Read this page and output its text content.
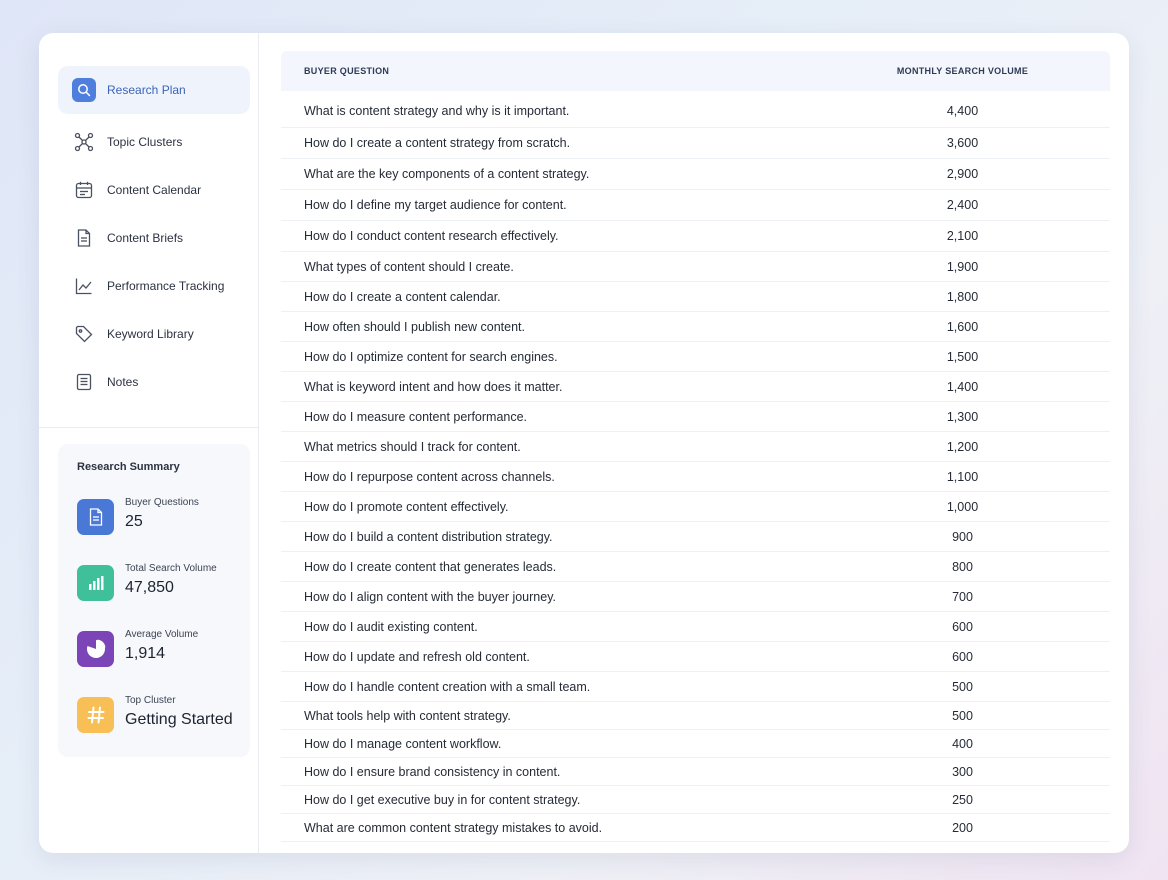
Research Plan
Topic Clusters
Content Calendar
Content Briefs
Performance Tracking
Keyword Library
Notes
Research Summary
Buyer Questions
25
Total Search Volume
47,850
Average Volume
1,914
Top Cluster
Getting Started
BUYER QUESTION	MONTHLY SEARCH VOLUME
What is content strategy and why is it important.	4,400
How do I create a content strategy from scratch.	3,600
What are the key components of a content strategy.	2,900
How do I define my target audience for content.	2,400
How do I conduct content research effectively.	2,100
What types of content should I create.	1,900
How do I create a content calendar.	1,800
How often should I publish new content.	1,600
How do I optimize content for search engines.	1,500
What is keyword intent and how does it matter.	1,400
How do I measure content performance.	1,300
What metrics should I track for content.	1,200
How do I repurpose content across channels.	1,100
How do I promote content effectively.	1,000
How do I build a content distribution strategy.	900
How do I create content that generates leads.	800
How do I align content with the buyer journey.	700
How do I audit existing content.	600
How do I update and refresh old content.	600
How do I handle content creation with a small team.	500
What tools help with content strategy.	500
How do I manage content workflow.	400
How do I ensure brand consistency in content.	300
How do I get executive buy in for content strategy.	250
What are common content strategy mistakes to avoid.	200
